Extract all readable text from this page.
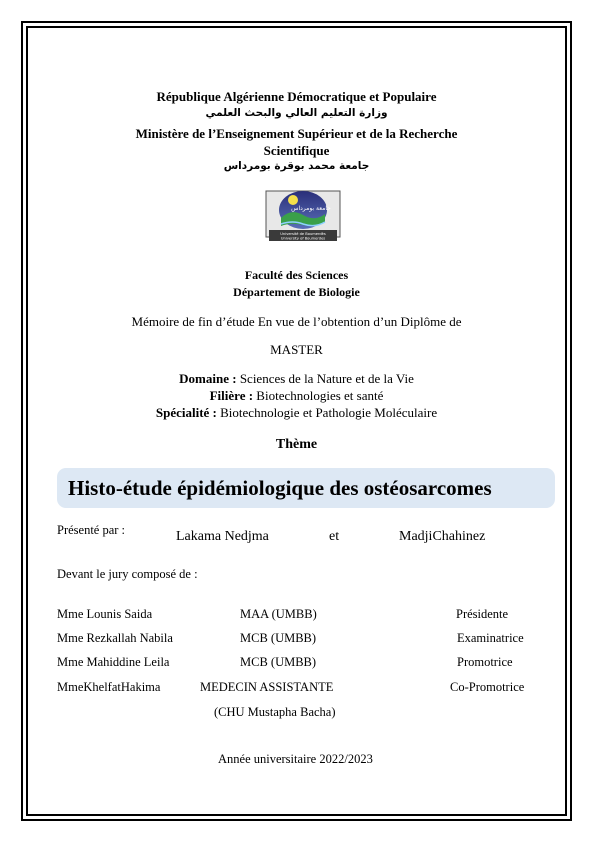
République Algérienne Démocratique et Populaire
وزارة التعليم العالي والبحث العلمي
Ministère de l’Enseignement Supérieur et de la Recherche
Scientifique
جامعة محمد بوقرة بومرداس
جامعة بومرداس
Université de Boumerdès
University of Boumerdes
Faculté des Sciences
Département de Biologie
Mémoire de fin d’étude En vue de l’obtention d’un Diplôme de
MASTER
Domaine : Sciences de la Nature et de la Vie
Filière : Biotechnologies et santé
Spécialité : Biotechnologie et Pathologie Moléculaire
Thème
Histo-étude épidémiologique des ostéosarcomes
Présenté par :	Lakama Nedjma	et	MadjiChahinez
Devant le jury composé de :
Mme Lounis Saida	MAA (UMBB)	Présidente
Mme Rezkallah Nabila	MCB (UMBB)	Examinatrice
Mme Mahiddine Leila	MCB (UMBB)	Promotrice
MmeKhelfatHakima	MEDECIN ASSISTANTE	Co-Promotrice
(CHU Mustapha Bacha)
Année universitaire 2022/2023
